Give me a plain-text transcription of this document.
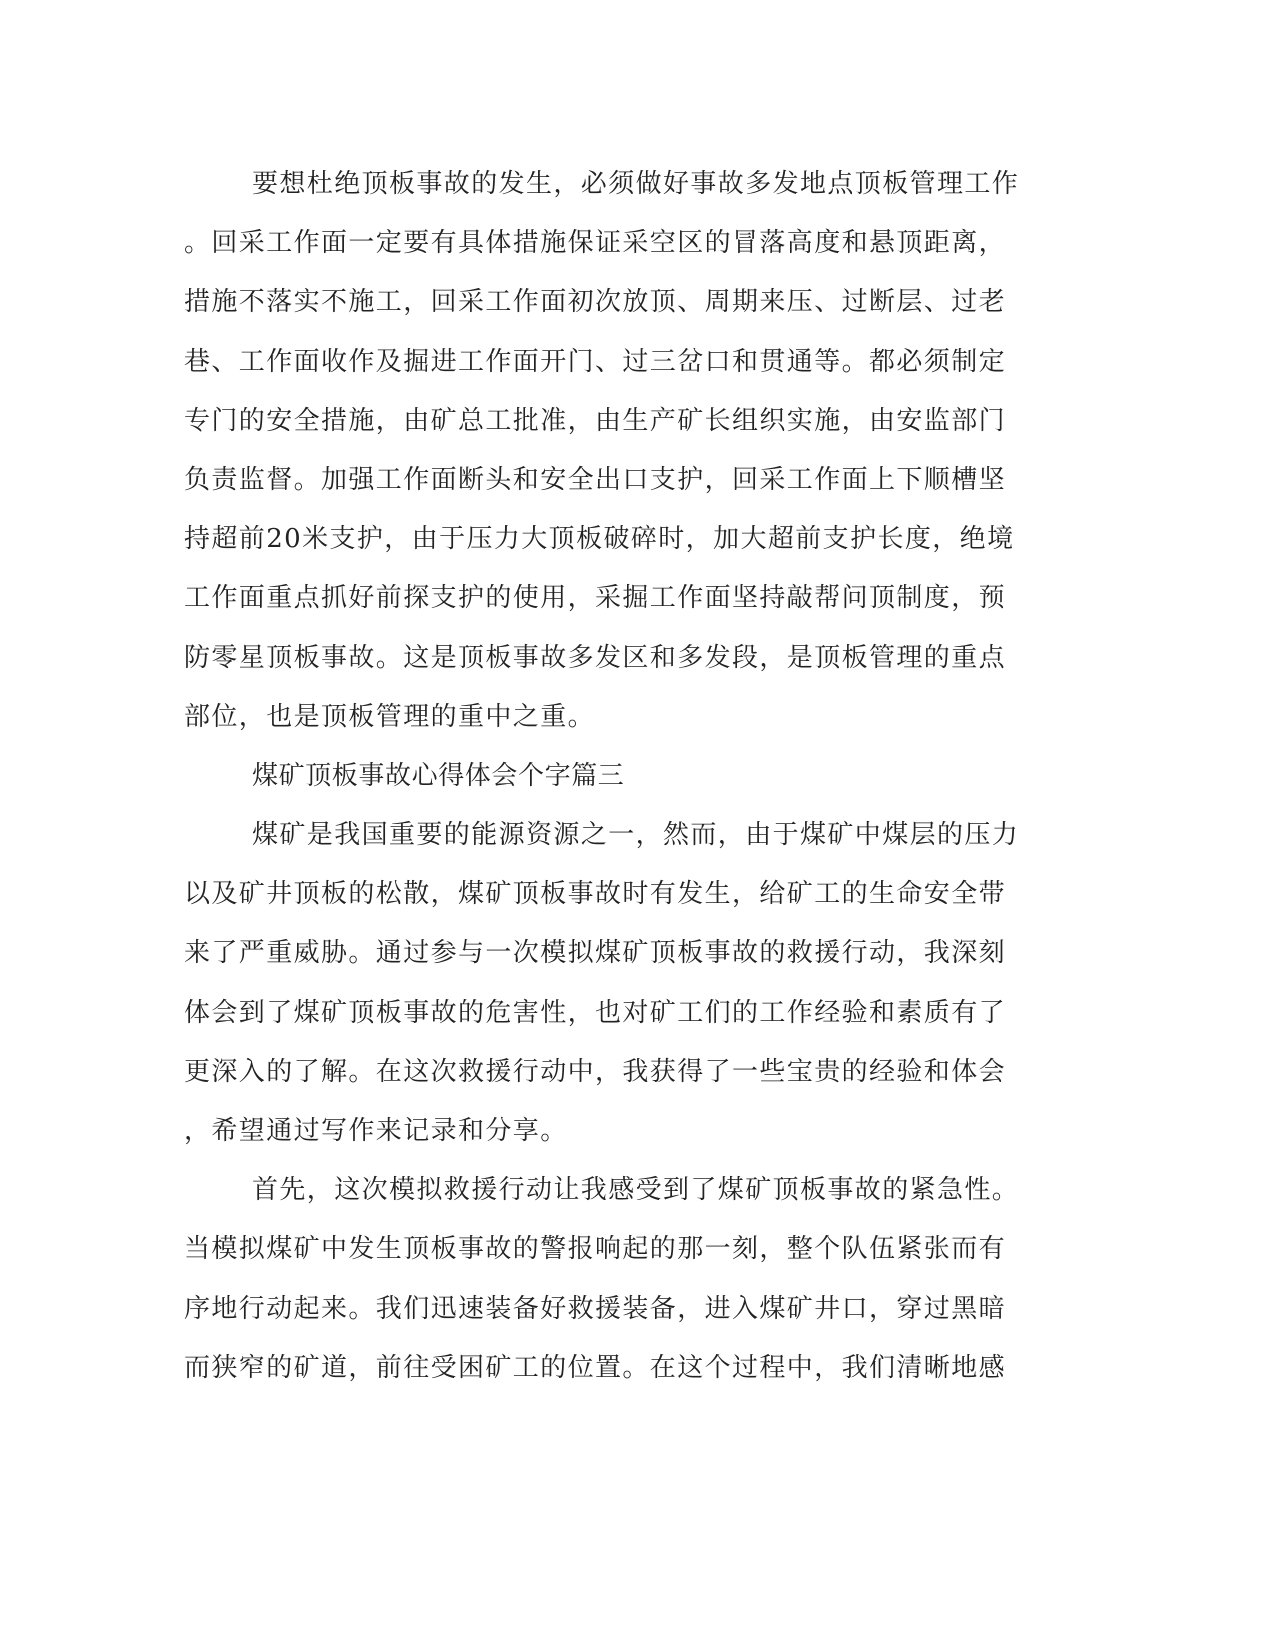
要想杜绝顶板事故的发生，必须做好事故多发地点顶板管理工作
。回采工作面一定要有具体措施保证采空区的冒落高度和悬顶距离，
措施不落实不施工，回采工作面初次放顶、周期来压、过断层、过老
巷、工作面收作及掘进工作面开门、过三岔口和贯通等。都必须制定
专门的安全措施，由矿总工批准，由生产矿长组织实施，由安监部门
负责监督。加强工作面断头和安全出口支护，回采工作面上下顺槽坚
持超前20米支护，由于压力大顶板破碎时，加大超前支护长度，绝境
工作面重点抓好前探支护的使用，采掘工作面坚持敲帮问顶制度，预
防零星顶板事故。这是顶板事故多发区和多发段，是顶板管理的重点
部位，也是顶板管理的重中之重。
煤矿顶板事故心得体会个字篇三
煤矿是我国重要的能源资源之一，然而，由于煤矿中煤层的压力
以及矿井顶板的松散，煤矿顶板事故时有发生，给矿工的生命安全带
来了严重威胁。通过参与一次模拟煤矿顶板事故的救援行动，我深刻
体会到了煤矿顶板事故的危害性，也对矿工们的工作经验和素质有了
更深入的了解。在这次救援行动中，我获得了一些宝贵的经验和体会
，希望通过写作来记录和分享。
首先，这次模拟救援行动让我感受到了煤矿顶板事故的紧急性。
当模拟煤矿中发生顶板事故的警报响起的那一刻，整个队伍紧张而有
序地行动起来。我们迅速装备好救援装备，进入煤矿井口，穿过黑暗
而狭窄的矿道，前往受困矿工的位置。在这个过程中，我们清晰地感
